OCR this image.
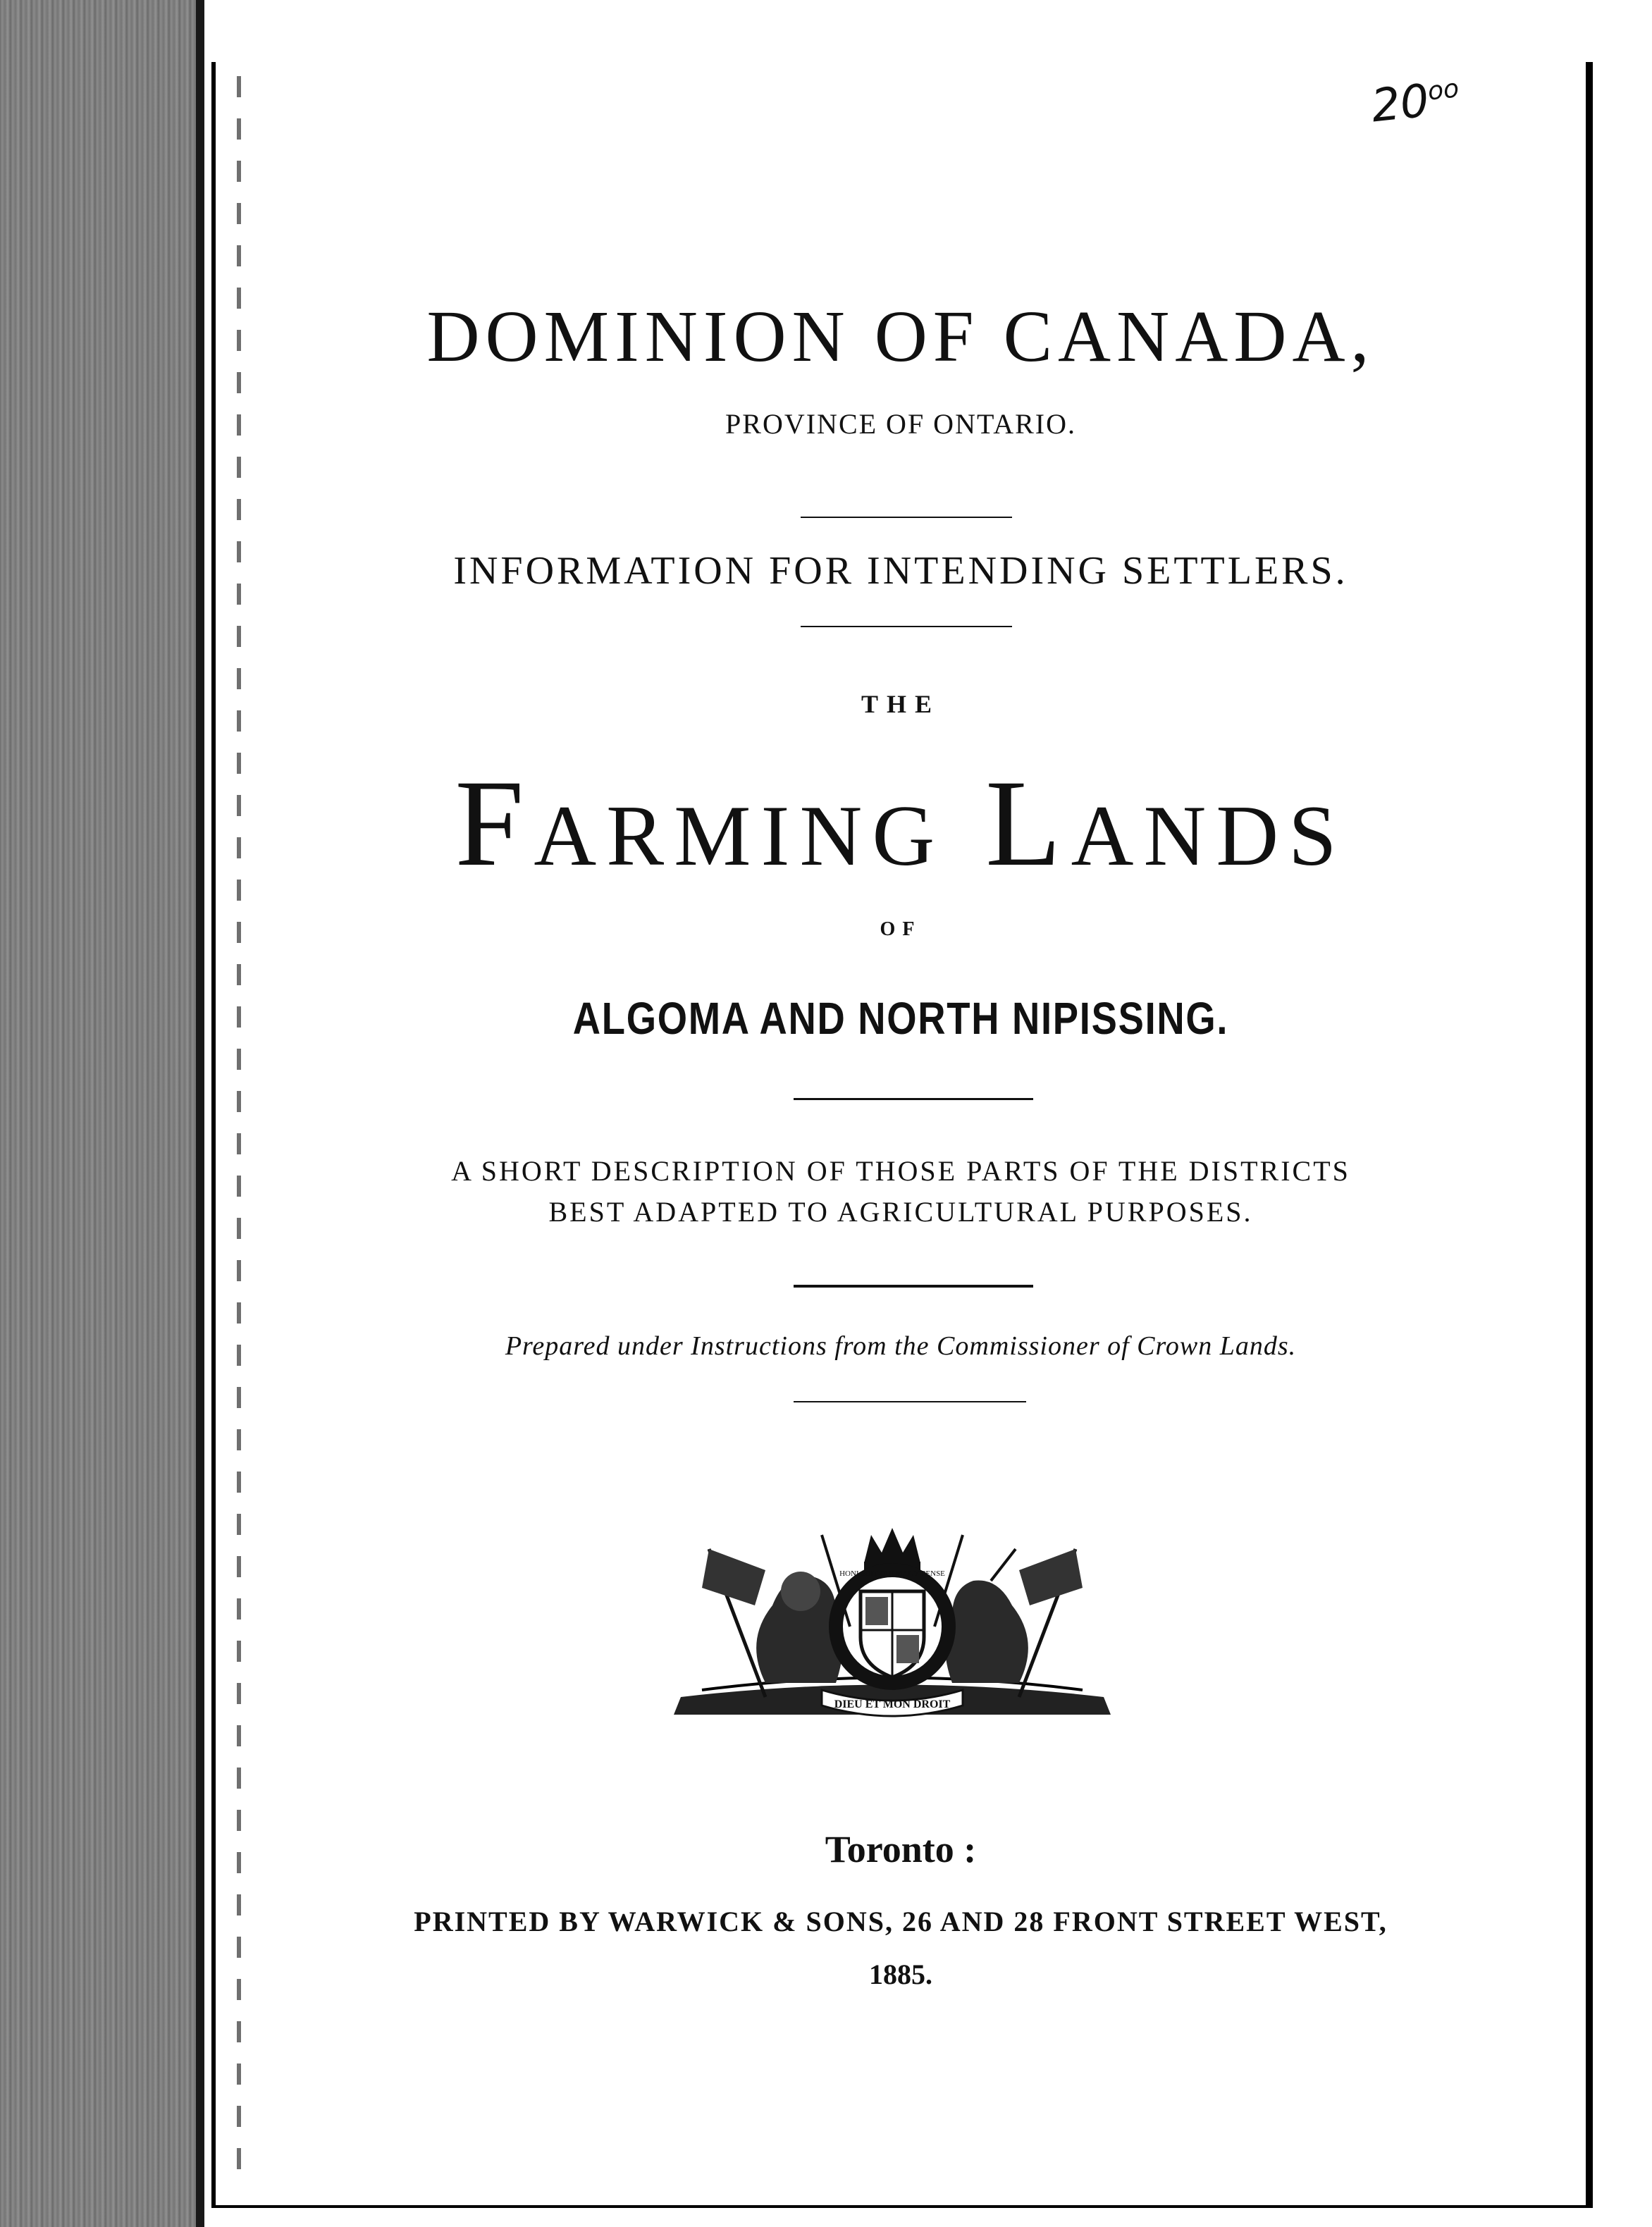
$20^{oo}$
DOMINION OF CANADA,
PROVINCE OF ONTARIO.
INFORMATION FOR INTENDING SETTLERS.
THE
Farming Lands
OF
ALGOMA AND NORTH NIPISSING.
A SHORT DESCRIPTION OF THOSE PARTS OF THE DISTRICTS
BEST ADAPTED TO AGRICULTURAL PURPOSES.
Prepared under Instructions from the Commissioner of Crown Lands.
DIEU ET MON DROIT
HONI SOIT QUI MAL Y PENSE
Toronto :
PRINTED BY WARWICK & SONS, 26 AND 28 FRONT STREET WEST,
1885.
